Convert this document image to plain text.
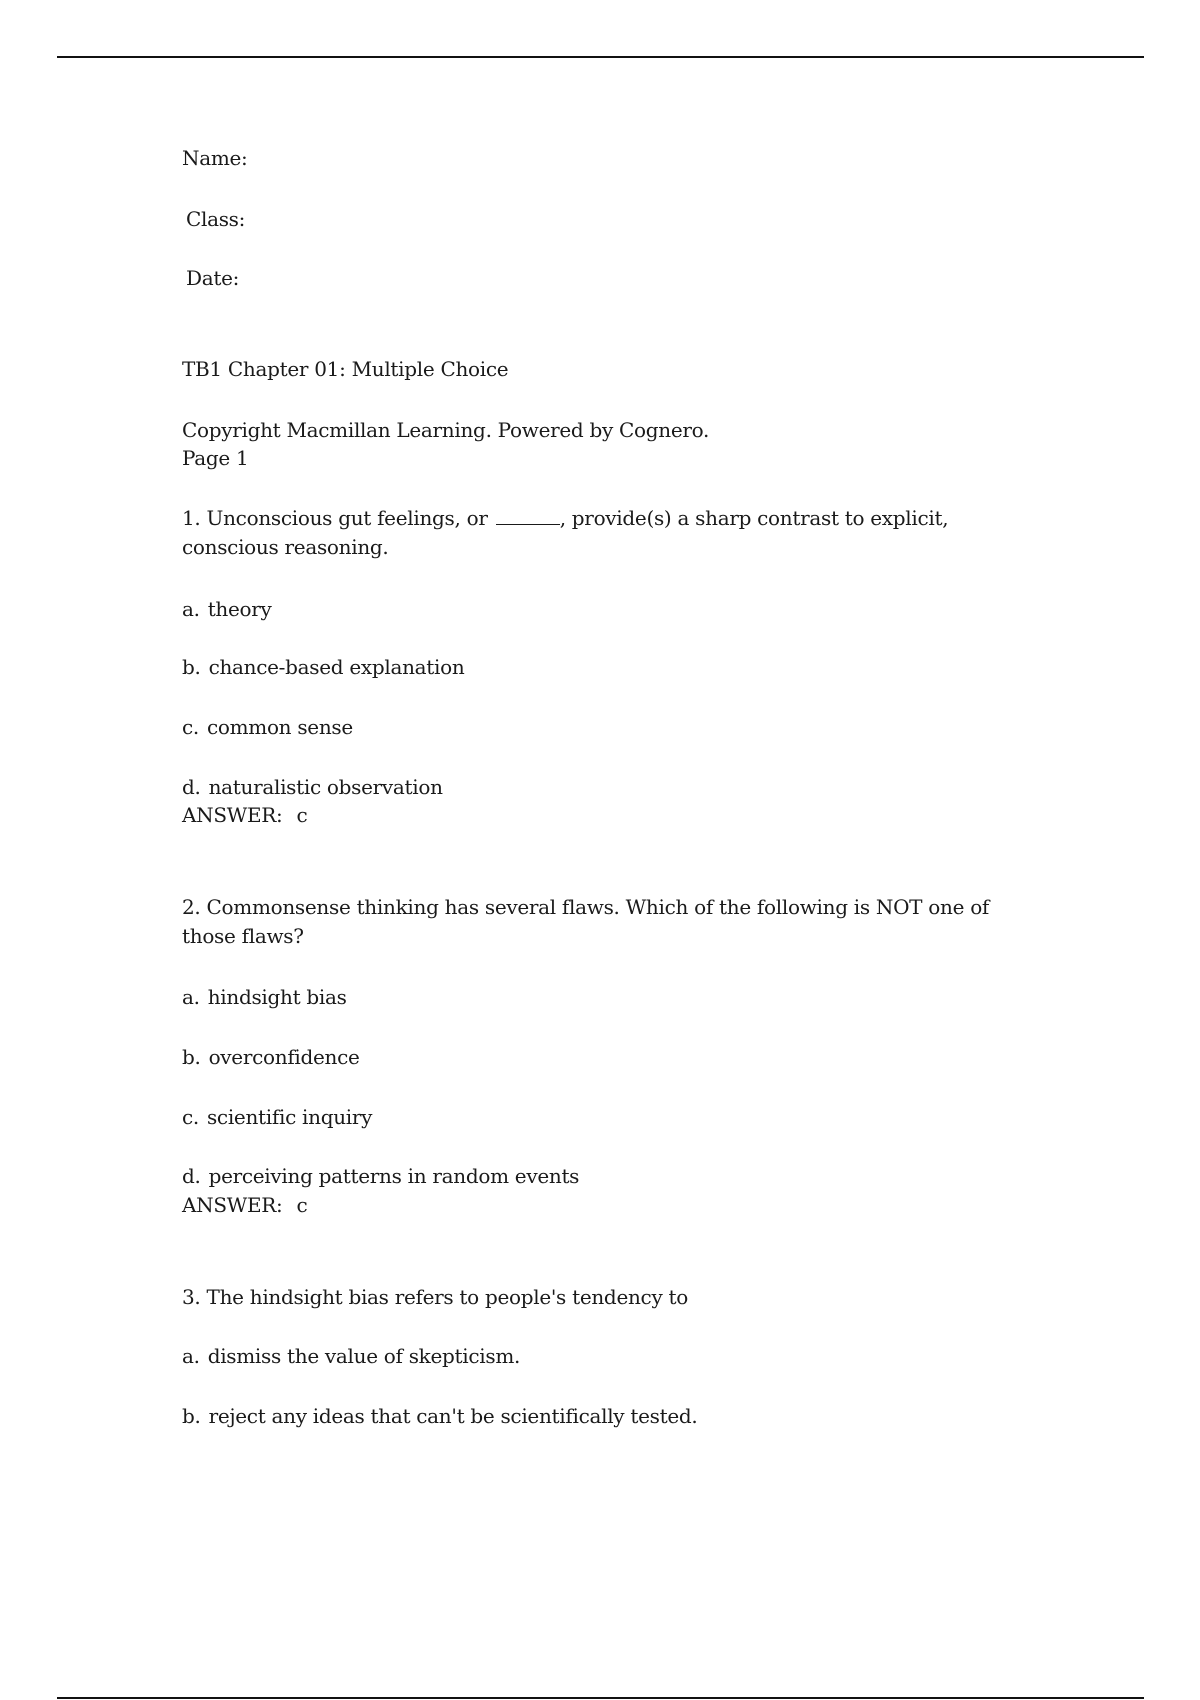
Name:
Class:
Date:
TB1 Chapter 01: Multiple Choice
Copyright Macmillan Learning. Powered by Cognero.
Page 1
1. Unconscious gut feelings, or	, provide(s) a sharp contrast to explicit, conscious reasoning.
a. theory
b. chance-based explanation
c. common sense
d. naturalistic observation
ANSWER: c
2. Commonsense thinking has several flaws. Which of the following is NOT one of those flaws?
a. hindsight bias
b. overconfidence
c. scientific inquiry
d. perceiving patterns in random events
ANSWER: c
3. The hindsight bias refers to people's tendency to
a. dismiss the value of skepticism.
b. reject any ideas that can't be scientifically tested.
